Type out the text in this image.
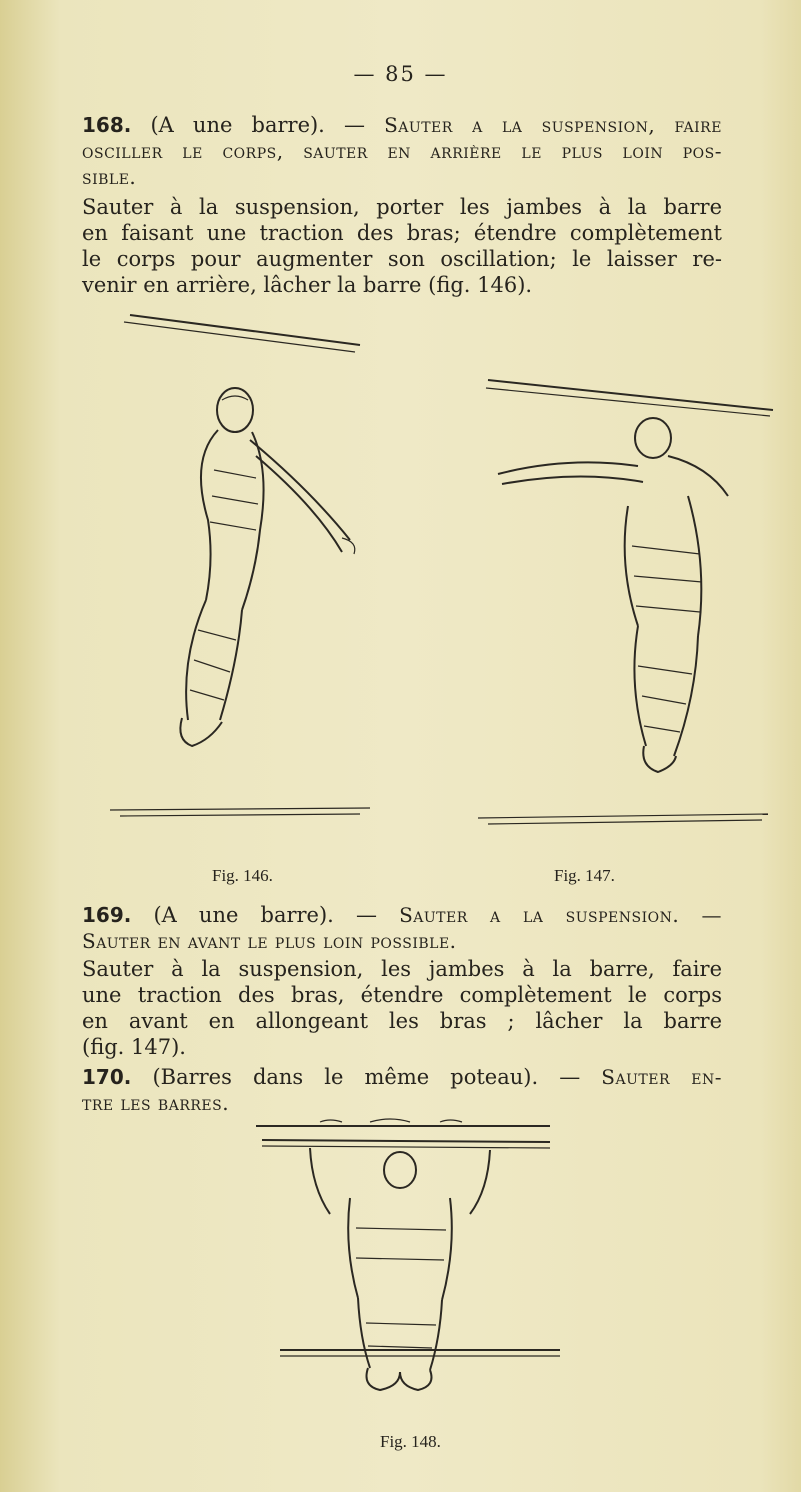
— 85 —
168. (A une barre). — Sauter a la suspension, faire
osciller le corps, sauter en arrière le plus loin pos-
sible.
Sauter à la suspension, porter les jambes à la barre
en faisant une traction des bras; étendre complètement
le corps pour augmenter son oscillation; le laisser re-
venir en arrière, lâcher la barre (fig. 146).
Fig. 146.	Fig. 147.
169. (A une barre). — Sauter a la suspension. —
Sauter en avant le plus loin possible.
Sauter à la suspension, les jambes à la barre, faire
une traction des bras, étendre complètement le corps
en avant en allongeant les bras ; lâcher la barre
(fig. 147).
170. (Barres dans le même poteau). — Sauter en-
tre les barres.
Fig. 148.
